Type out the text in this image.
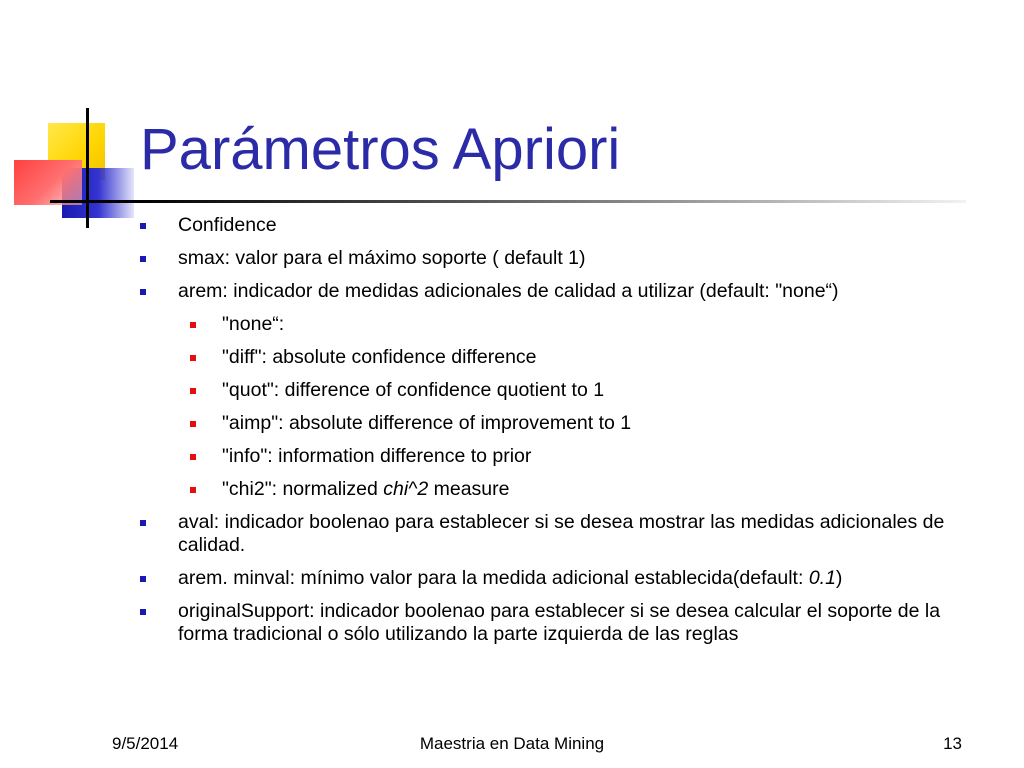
Parámetros Apriori
Confidence
smax: valor para el máximo soporte ( default 1)
arem: indicador de medidas adicionales de calidad a utilizar (default: "none“)
"none“:
"diff": absolute confidence difference
"quot": difference of confidence quotient to 1
"aimp": absolute difference of improvement to 1
"info": information difference to prior
"chi2": normalized chi^2 measure
aval: indicador boolenao para establecer si se desea mostrar las medidas adicionales de calidad.
arem. minval: mínimo valor para la medida adicional establecida(default: 0.1)
originalSupport: indicador boolenao para establecer si se desea calcular el soporte de la forma tradicional o sólo utilizando la parte izquierda de las reglas
9/5/2014	Maestria en Data Mining	13
